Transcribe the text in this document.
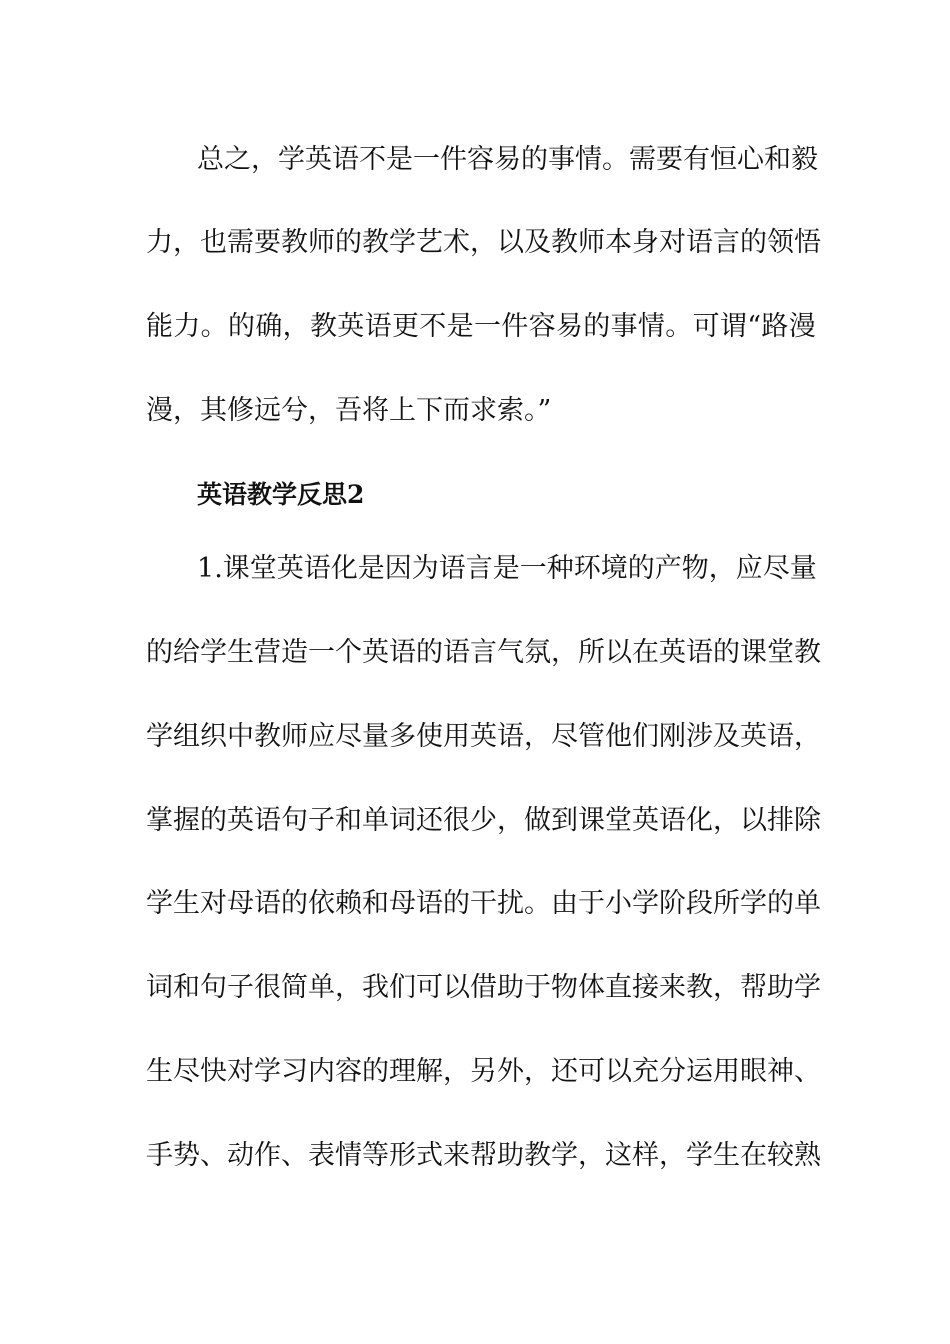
总 之 ， 学 英 语 不 是 一 件 容 易 的 事 情 。 需 要 有 恒 心 和 毅
力 ， 也 需 要 教 师 的 教 学 艺 术 ， 以 及 教 师 本 身 对 语 言 的 领 悟
能 力 。 的 确 ， 教 英 语 更 不 是 一 件 容 易 的 事 情 。 可 谓 “ 路 漫
漫，其修远兮，吾将上下而求索。”
英语教学反思2
1 . 课 堂 英 语 化 是 因 为 语 言 是 一 种 环 境 的 产 物 ， 应 尽 量
的 给 学 生 营 造 一 个 英 语 的 语 言 气 氛 ， 所 以 在 英 语 的 课 堂 教
学 组 织 中 教 师 应 尽 量 多 使 用 英 语 ， 尽 管 他 们 刚 涉 及 英 语 ，
掌 握 的 英 语 句 子 和 单 词 还 很 少 ， 做 到 课 堂 英 语 化 ， 以 排 除
学 生 对 母 语 的 依 赖 和 母 语 的 干 扰 。 由 于 小 学 阶 段 所 学 的 单
词 和 句 子 很 简 单 ， 我 们 可 以 借 助 于 物 体 直 接 来 教 ， 帮 助 学
生 尽 快 对 学 习 内 容 的 理 解 ， 另 外 ， 还 可 以 充 分 运 用 眼 神 、
手 势 、 动 作 、 表 情 等 形 式 来 帮 助 教 学 ， 这 样 ， 学 生 在 较 熟
